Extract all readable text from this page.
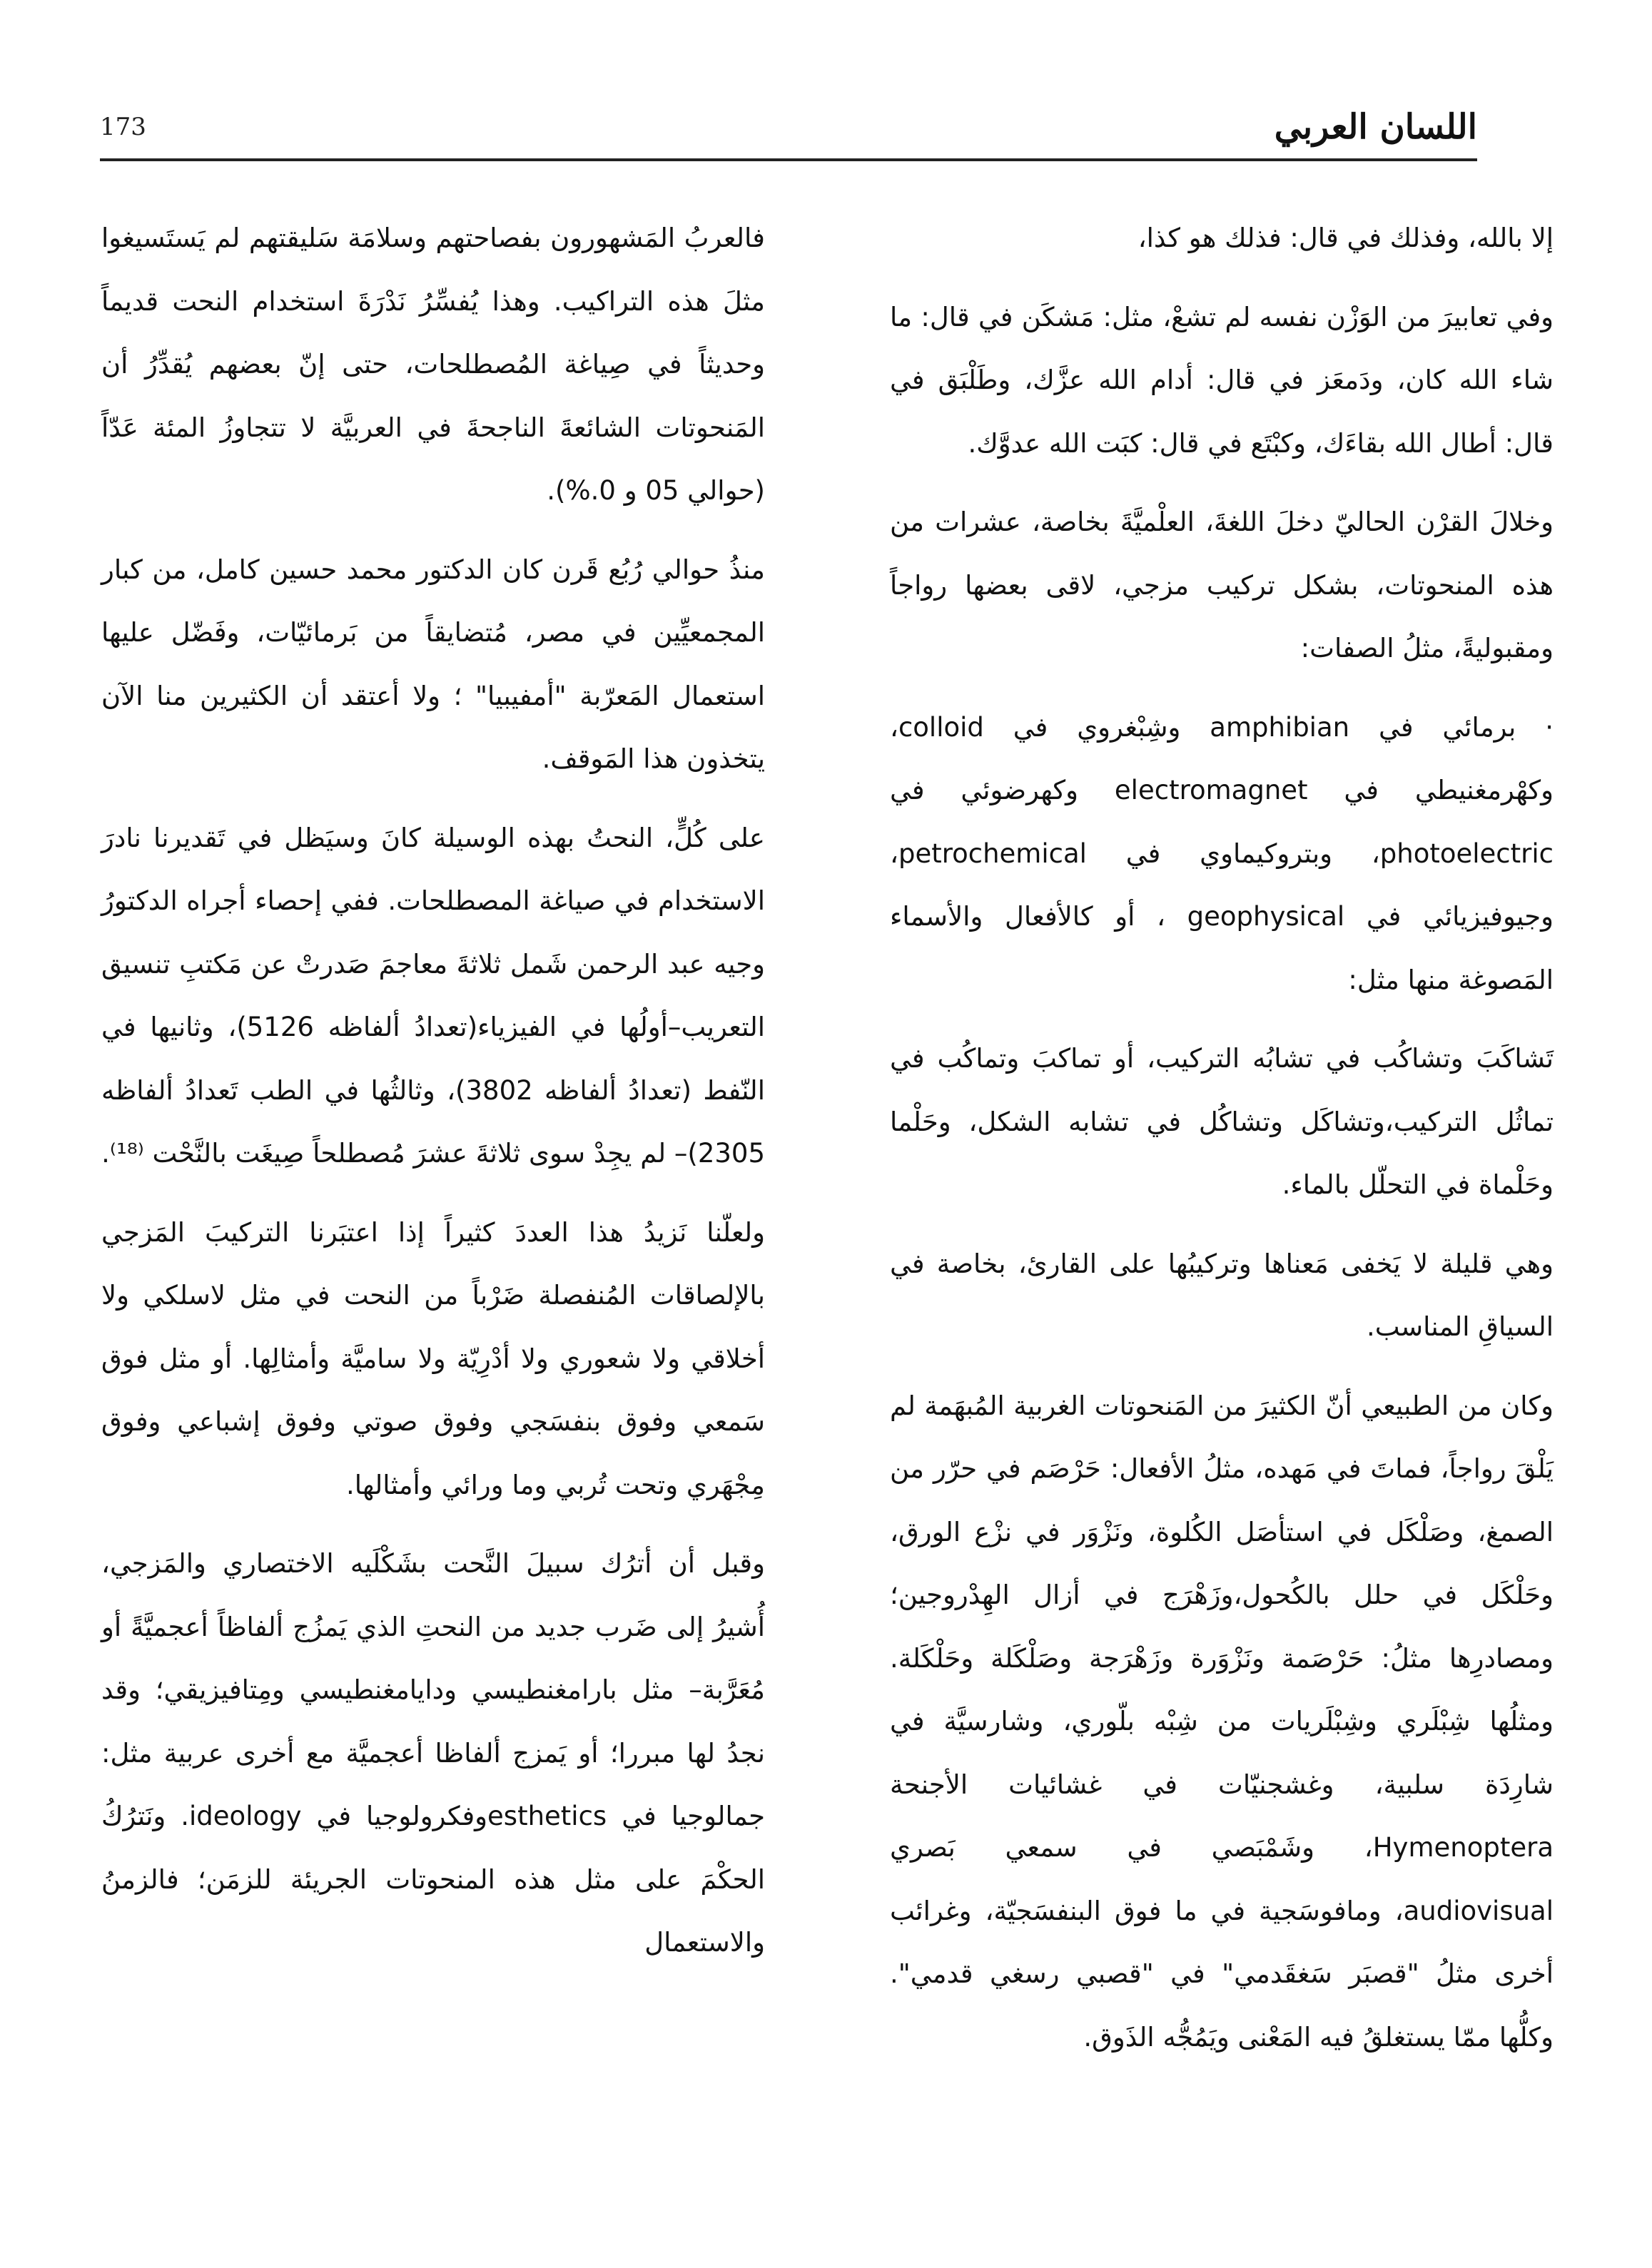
173	اللسان العربي

إلا بالله، وفذلك في قال: فذلك هو كذا،

وفي تعابيرَ من الوَزْن نفسه لم تشعْ، مثل: مَشكَن في قال: ما شاء الله كان، ودَمعَز في قال: أدام الله عزَّك، وطَلْبَق في قال: أطال الله بقاءَك، وكبْتَع في قال: كبَت الله عدوَّك.

وخلالَ القرْن الحاليّ دخلَ اللغةَ، العلْميَّةَ بخاصة، عشرات من هذه المنحوتات، بشكل تركيب مزجي، لاقى بعضها رواجاً ومقبوليةً، مثلُ الصفات:

· برمائي في amphibian وشِبْغروي في colloid، وكهْرمغنيطي في electromagnet وكهرضوئي في photoelectric، وبتروكيماوي في petrochemical، وجيوفيزيائي في geophysical ، أو كالأفعال والأسماء المَصوغة منها مثل:

تَشاكَبَ وتشاكُب في تشابُه التركيب، أو تماكبَ وتماكُب في تماثُل التركيب،وتشاكَل وتشاكُل في تشابه الشكل، وحَلْما وحَلْماة في التحلّل بالماء.

وهي قليلة لا يَخفى مَعناها وتركيبُها على القارئ، بخاصة في السياقِ المناسب.

وكان من الطبيعي أنّ الكثيرَ من المَنحوتات الغربية المُبهَمة لم يَلْقَ رواجاً، فماتَ في مَهده، مثلُ الأفعال: حَرْصَم في حرّر من الصمغ، وصَلْكَل في استأصَل الكُلوة، ونَزْوَر في نزْع الورق، وحَلْكَل في حلل بالكُحول،وزَهْرَج في أزال الهِدْروجين؛ ومصادرِها مثلُ: حَرْصَمة ونَزْوَرة وزَهْرَجة وصَلْكَلة وحَلْكَلة. ومثلُها شِبْلَري وشِبْلَريات من شِبْه بلّوري، وشارسيَّة في شارِدَة سلبية، وغشجنيّات في غشائيات الأجنحة Hymenoptera، وشَمْبَصي في سمعي بَصري audiovisual، ومافوسَجية في ما فوق البنفسَجيّة، وغرائب أخرى مثلُ "قصبَر سَغقَدمي" في "قصبي رسغي قدمي". وكلُّها ممّا يستغلقُ فيه المَعْنى ويَمُجُّه الذَوق.

فالعربُ المَشهورون بفصاحتهم وسلامَة سَليقتهم لم يَستَسيغوا مثلَ هذه التراكيب. وهذا يُفسِّرُ نَدْرَةَ استخدام النحت قديماً وحديثاً في صِياغة المُصطلحات، حتى إنّ بعضهم يُقدِّرُ أن المَنحوتات الشائعةَ الناجحةَ في العربيَّة لا تتجاوزُ المئة عَدّاً (حوالي 05 و 0.%).

منذُ حوالي رُبُع قَرن كان الدكتور محمد حسين كامل، من كبار المجمعيِّين في مصر، مُتضايقاً من بَرمائيّات، وفَضّل عليها استعمال المَعرّبة "أمفيبيا" ؛ ولا أعتقد أن الكثيرين منا الآن يتخذون هذا المَوقف.

على كُلٍّ، النحتُ بهذه الوسيلة كانَ وسيَظل في تَقديرنا نادرَ الاستخدام في صياغة المصطلحات. ففي إحصاء أجراه الدكتورُ وجيه عبد الرحمن شَمل ثلاثةَ معاجمَ صَدرتْ عن مَكتبِ تنسيق التعريب–أولُها في الفيزياء(تعدادُ ألفاظه 5126)، وثانيها في النّفط (تعدادُ ألفاظه 3802)، وثالثُها في الطب تَعدادُ ألفاظه 2305)– لم يجِدْ سوى ثلاثةَ عشرَ مُصطلحاً صِيغَت بالنَّحْت ⁽¹⁸⁾.

ولعلّنا نَزيدُ هذا العددَ كثيراً إذا اعتبَرنا التركيبَ المَزجي بالإلصاقات المُنفصلة ضَرْباً من النحت في مثل لاسلكي ولا أخلاقي ولا شعوري ولا أدْرِيّة ولا ساميَّة وأمثالِها. أو مثل فوق سَمعي وفوق بنفسَجي وفوق صوتي وفوق إشباعي وفوق مِجْهَري وتحت تُربي وما ورائي وأمثالها.

وقبل أن أترُك سبيلَ النَّحت بشَكْلَيه الاختصاري والمَزجي، أُشيرُ إلى ضَرب جديد من النحتِ الذي يَمزُج ألفاظاً أعجميَّةً أو مُعَرَّبة– مثل بارامغنطيسي ودايامغنطيسي ومِتافيزيقي؛ وقد نجدُ لها مبررا؛ أو يَمزج ألفاظا أعجميَّة مع أخرى عربية مثل: جمالوجيا في estheticsوفكرولوجيا في ideology. ونَترُكُ الحكْمَ على مثل هذه المنحوتات الجريئة للزمَن؛ فالزمنُ والاستعمال
